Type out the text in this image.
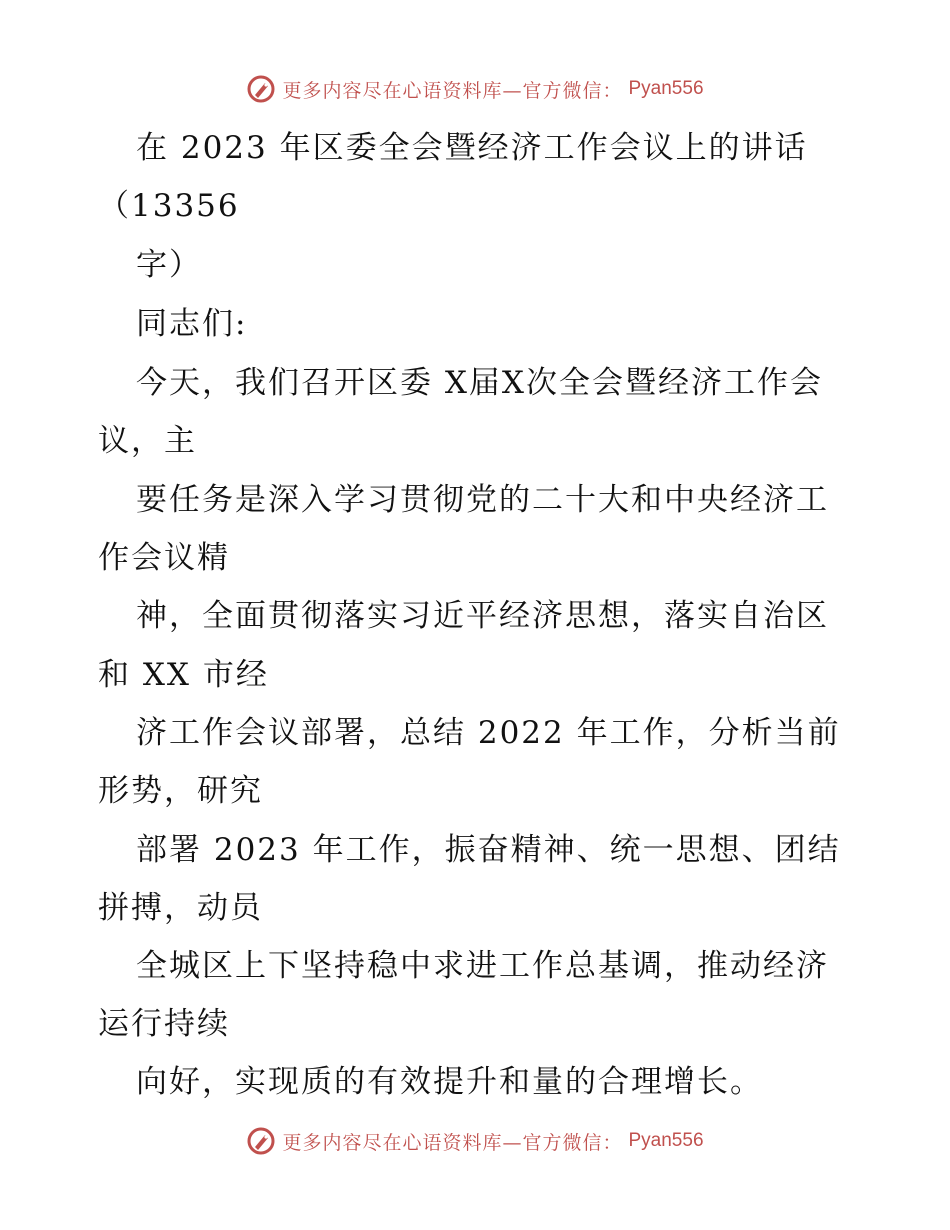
更多内容尽在心语资料库—官方微信： Pyan556

在 2023 年区委全会暨经济工作会议上的讲话

（13356

字）

同志们:

今天，我们召开区委 X届X次全会暨经济工作会

议，主

要任务是深入学习贯彻党的二十大和中央经济工

作会议精

神，全面贯彻落实习近平经济思想，落实自治区

和 XX 市经

济工作会议部署，总结 2022 年工作，分析当前

形势，研究

部署 2023 年工作，振奋精神、统一思想、团结

拼搏，动员

全城区上下坚持稳中求进工作总基调，推动经济

运行持续

向好，实现质的有效提升和量的合理增长。

更多内容尽在心语资料库—官方微信： Pyan556
